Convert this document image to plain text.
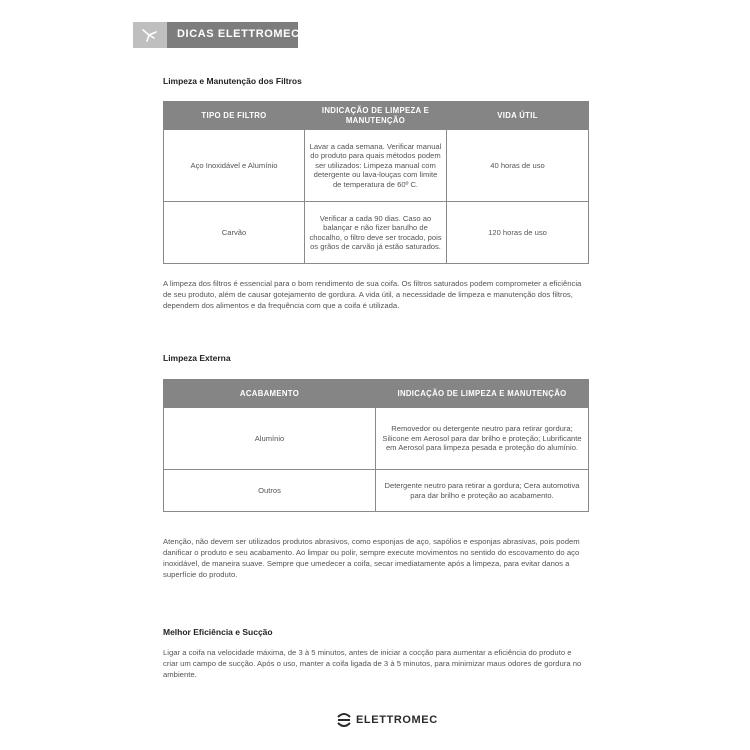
DICAS ELETTROMEC
Limpeza e Manutenção dos Filtros
TIPO DE FILTRO	INDICAÇÃO DE LIMPEZA E MANUTENÇÃO	VIDA ÚTIL
Aço Inoxidável e Alumínio	Lavar a cada semana. Verificar manual do produto para quais métodos podem ser utilizados: Limpeza manual com detergente ou lava-louças com limite de temperatura de 60º C.	40 horas de uso
Carvão	Verificar a cada 90 dias. Caso ao balançar e não fizer barulho de chocalho, o filtro deve ser trocado, pois os grãos de carvão já estão saturados.	120 horas de uso
A limpeza dos filtros é essencial para o bom rendimento de sua coifa. Os filtros saturados podem comprometer a eficiência de seu produto, além de causar gotejamento de gordura. A vida útil, a necessidade de limpeza e manutenção dos filtros, dependem dos alimentos e da frequência com que a coifa é utilizada.
Limpeza Externa
ACABAMENTO	INDICAÇÃO DE LIMPEZA E MANUTENÇÃO
Alumínio	Removedor ou detergente neutro para retirar gordura; Silicone em Aerosol para dar brilho e proteção; Lubrificante em Aerosol para limpeza pesada e proteção do alumínio.
Outros	Detergente neutro para retirar a gordura; Cera automotiva para dar brilho e proteção ao acabamento.
Atenção, não devem ser utilizados produtos abrasivos, como esponjas de aço, sapólios e esponjas abrasivas, pois podem danificar o produto e seu acabamento. Ao limpar ou polir, sempre execute movimentos no sentido do escovamento do aço inoxidável, de maneira suave. Sempre que umedecer a coifa, secar imediatamente após a limpeza, para evitar danos a superfície do produto.
Melhor Eficiência e Sucção
Ligar a coifa na velocidade máxima, de 3 à 5 minutos, antes de iniciar a cocção para aumentar a eficiência do produto e criar um campo de sucção. Após o uso, manter a coifa ligada de 3 à 5 minutos, para minimizar maus odores de gordura no ambiente.
ELETTROMEC
